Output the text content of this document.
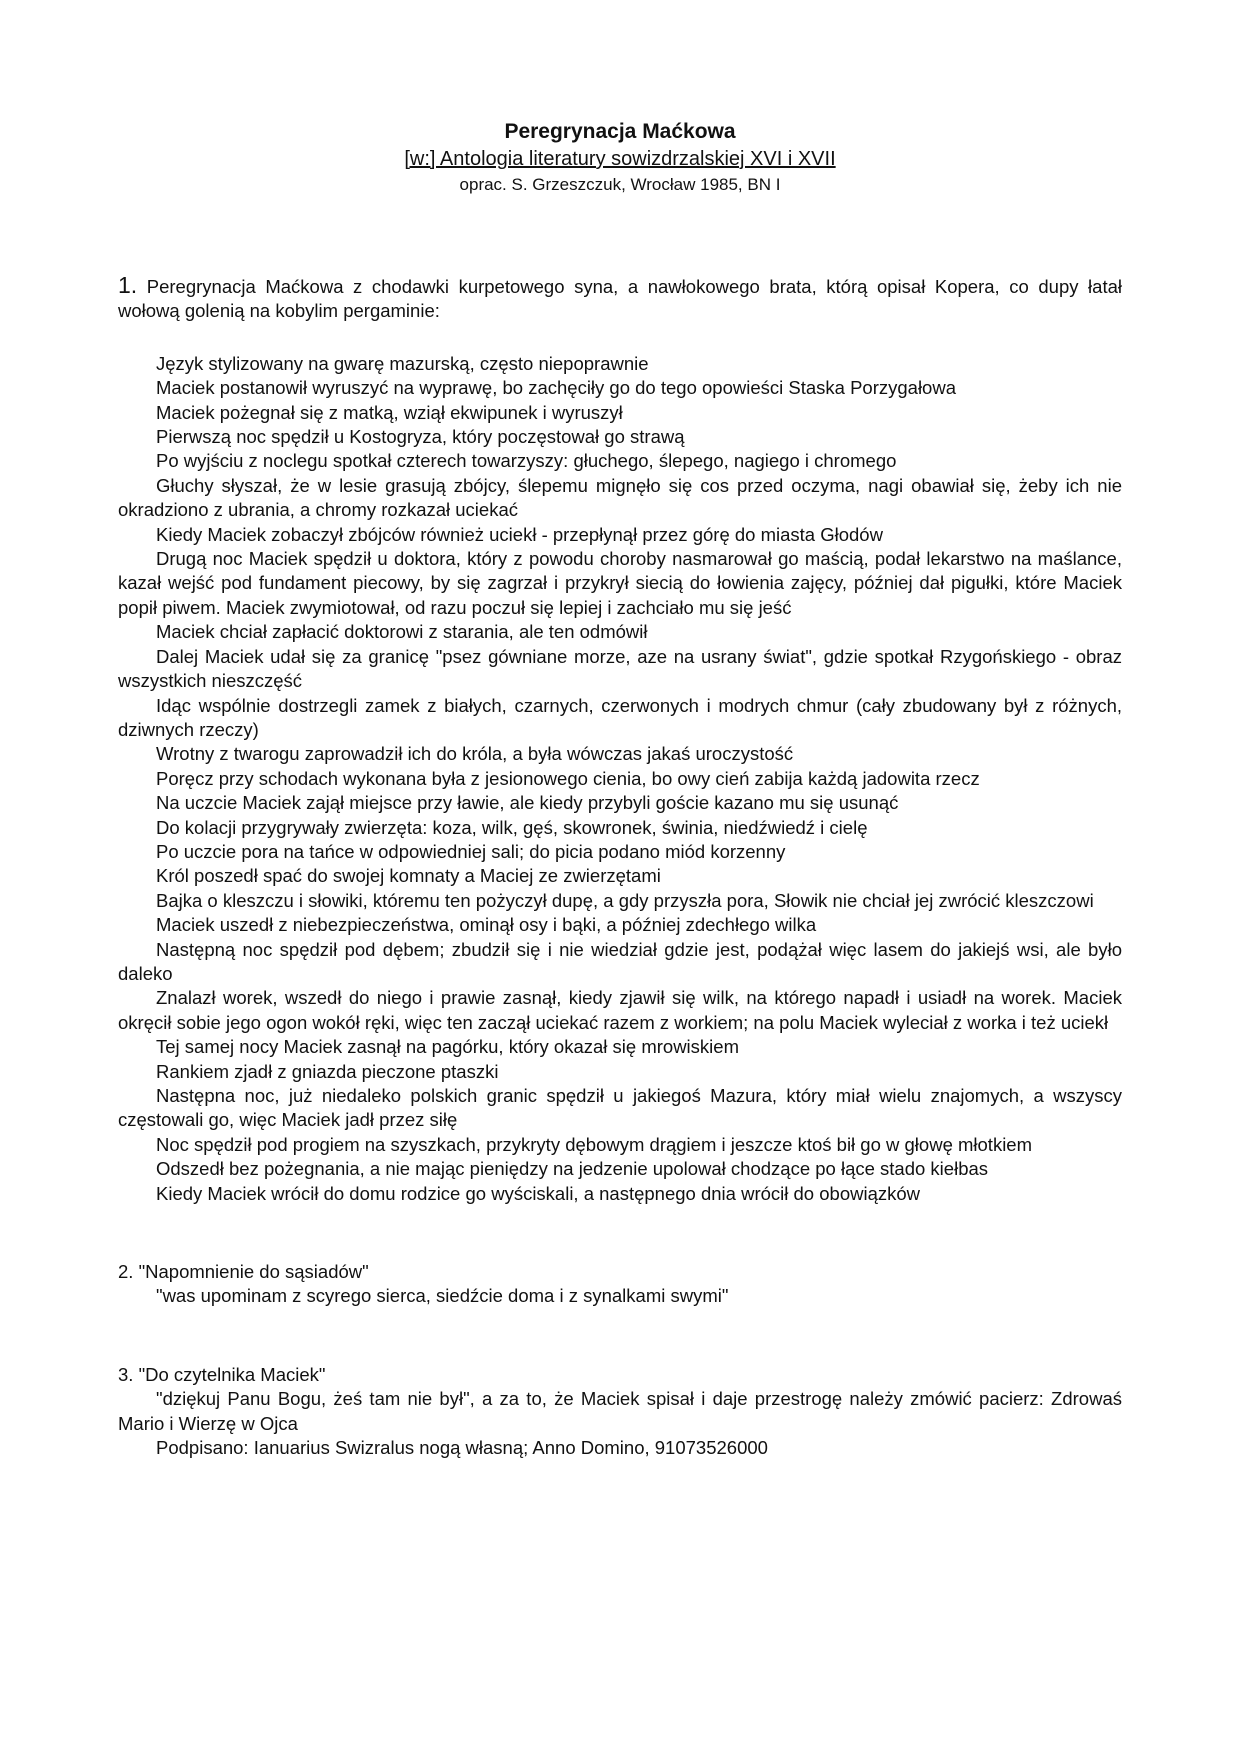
Peregrynacja Maćkowa

[w:] Antologia literatury sowizdrzalskiej XVI i XVII

oprac. S. Grzeszczuk, Wrocław 1985, BN I

1. Peregrynacja Maćkowa z chodawki kurpetowego syna, a nawłokowego brata, którą opisał Kopera, co dupy łatał wołową golenią na kobylim pergaminie:

Język stylizowany na gwarę mazurską, często niepoprawnie

Maciek postanowił wyruszyć na wyprawę, bo zachęciły go do tego opowieści Staska Porzygałowa

Maciek pożegnał się z matką, wziął ekwipunek i wyruszył

Pierwszą noc spędził u Kostogryza, który poczęstował go strawą

Po wyjściu z noclegu spotkał czterech towarzyszy: głuchego, ślepego, nagiego i chromego

Głuchy słyszał, że w lesie grasują zbójcy, ślepemu mignęło się cos przed oczyma, nagi obawiał się, żeby ich nie okradziono z ubrania, a chromy rozkazał uciekać

Kiedy Maciek zobaczył zbójców również uciekł - przepłynął przez górę do miasta Głodów

Drugą noc Maciek spędził u doktora, który z powodu choroby nasmarował go maścią, podał lekarstwo na maślance, kazał wejść pod fundament piecowy, by się zagrzał i przykrył siecią do łowienia zajęcy, później dał pigułki, które Maciek popił piwem. Maciek zwymiotował, od razu poczuł się lepiej i zachciało mu się jeść

Maciek chciał zapłacić doktorowi z starania, ale ten odmówił

Dalej Maciek udał się za granicę "psez gówniane morze, aze na usrany świat", gdzie spotkał Rzygońskiego - obraz wszystkich nieszczęść

Idąc wspólnie dostrzegli zamek z białych, czarnych, czerwonych i modrych chmur (cały zbudowany był z różnych, dziwnych rzeczy)

Wrotny z twarogu zaprowadził ich do króla, a była wówczas jakaś uroczystość

Poręcz przy schodach wykonana była z jesionowego cienia, bo owy cień zabija każdą jadowita rzecz

Na uczcie Maciek zajął miejsce przy ławie, ale kiedy przybyli goście kazano mu się usunąć

Do kolacji przygrywały zwierzęta: koza, wilk, gęś, skowronek, świnia, niedźwiedź i cielę

Po uczcie pora na tańce w odpowiedniej sali; do picia podano miód korzenny

Król poszedł spać do swojej komnaty a Maciej ze zwierzętami

Bajka o kleszczu i słowiki, któremu ten pożyczył dupę, a gdy przyszła pora, Słowik nie chciał jej zwrócić kleszczowi

Maciek uszedł z niebezpieczeństwa, ominął osy i bąki, a później zdechłego wilka

Następną noc spędził pod dębem; zbudził się i nie wiedział gdzie jest, podążał więc lasem do jakiejś wsi, ale było daleko

Znalazł worek, wszedł do niego i prawie zasnął, kiedy zjawił się wilk, na którego napadł i usiadł na worek. Maciek okręcił sobie jego ogon wokół ręki, więc ten zaczął uciekać razem z workiem; na polu Maciek wyleciał z worka i też uciekł

Tej samej nocy Maciek zasnął na pagórku, który okazał się mrowiskiem

Rankiem zjadł z gniazda pieczone ptaszki

Następna noc, już niedaleko polskich granic spędził u jakiegoś Mazura, który miał wielu znajomych, a wszyscy częstowali go, więc Maciek jadł przez siłę

Noc spędził pod progiem na szyszkach, przykryty dębowym drągiem i jeszcze ktoś bił go w głowę młotkiem

Odszedł bez pożegnania, a nie mając pieniędzy na jedzenie upolował chodzące po łące stado kiełbas

Kiedy Maciek wrócił do domu rodzice go wyściskali, a następnego dnia wrócił do obowiązków

2. "Napomnienie do sąsiadów"

"was upominam z scyrego sierca, siedźcie doma i z synalkami swymi"

3. "Do czytelnika Maciek"

"dziękuj Panu Bogu, żeś tam nie był", a za to, że Maciek spisał i daje przestrogę należy zmówić pacierz: Zdrowaś Mario i Wierzę w Ojca

Podpisano: Ianuarius Swizralus nogą własną; Anno Domino, 91073526000
